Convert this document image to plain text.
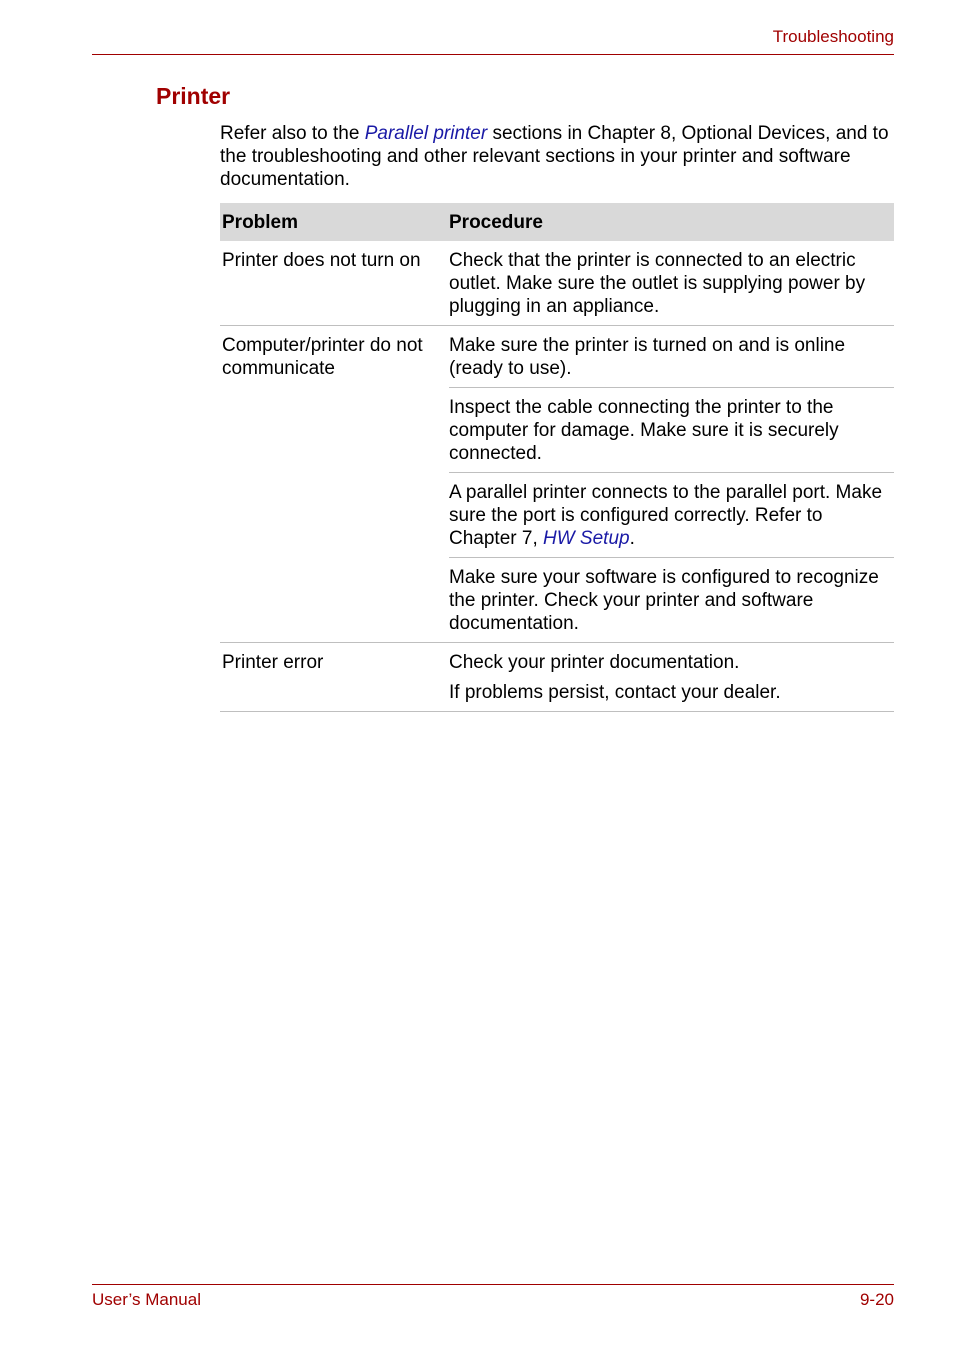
Troubleshooting
Printer

Refer also to the Parallel printer sections in Chapter 8, Optional Devices, and to the troubleshooting and other relevant sections in your printer and software documentation.

Problem	Procedure
Printer does not turn on	Check that the printer is connected to an electric outlet. Make sure the outlet is supplying power by plugging in an appliance.
Computer/printer do not communicate	Make sure the printer is turned on and is online (ready to use).
	Inspect the cable connecting the printer to the computer for damage. Make sure it is securely connected.
	A parallel printer connects to the parallel port. Make sure the port is configured correctly. Refer to Chapter 7, HW Setup.
	Make sure your software is configured to recognize the printer. Check your printer and software documentation.
Printer error	Check your printer documentation.
If problems persist, contact your dealer.
User’s Manual	9-20
